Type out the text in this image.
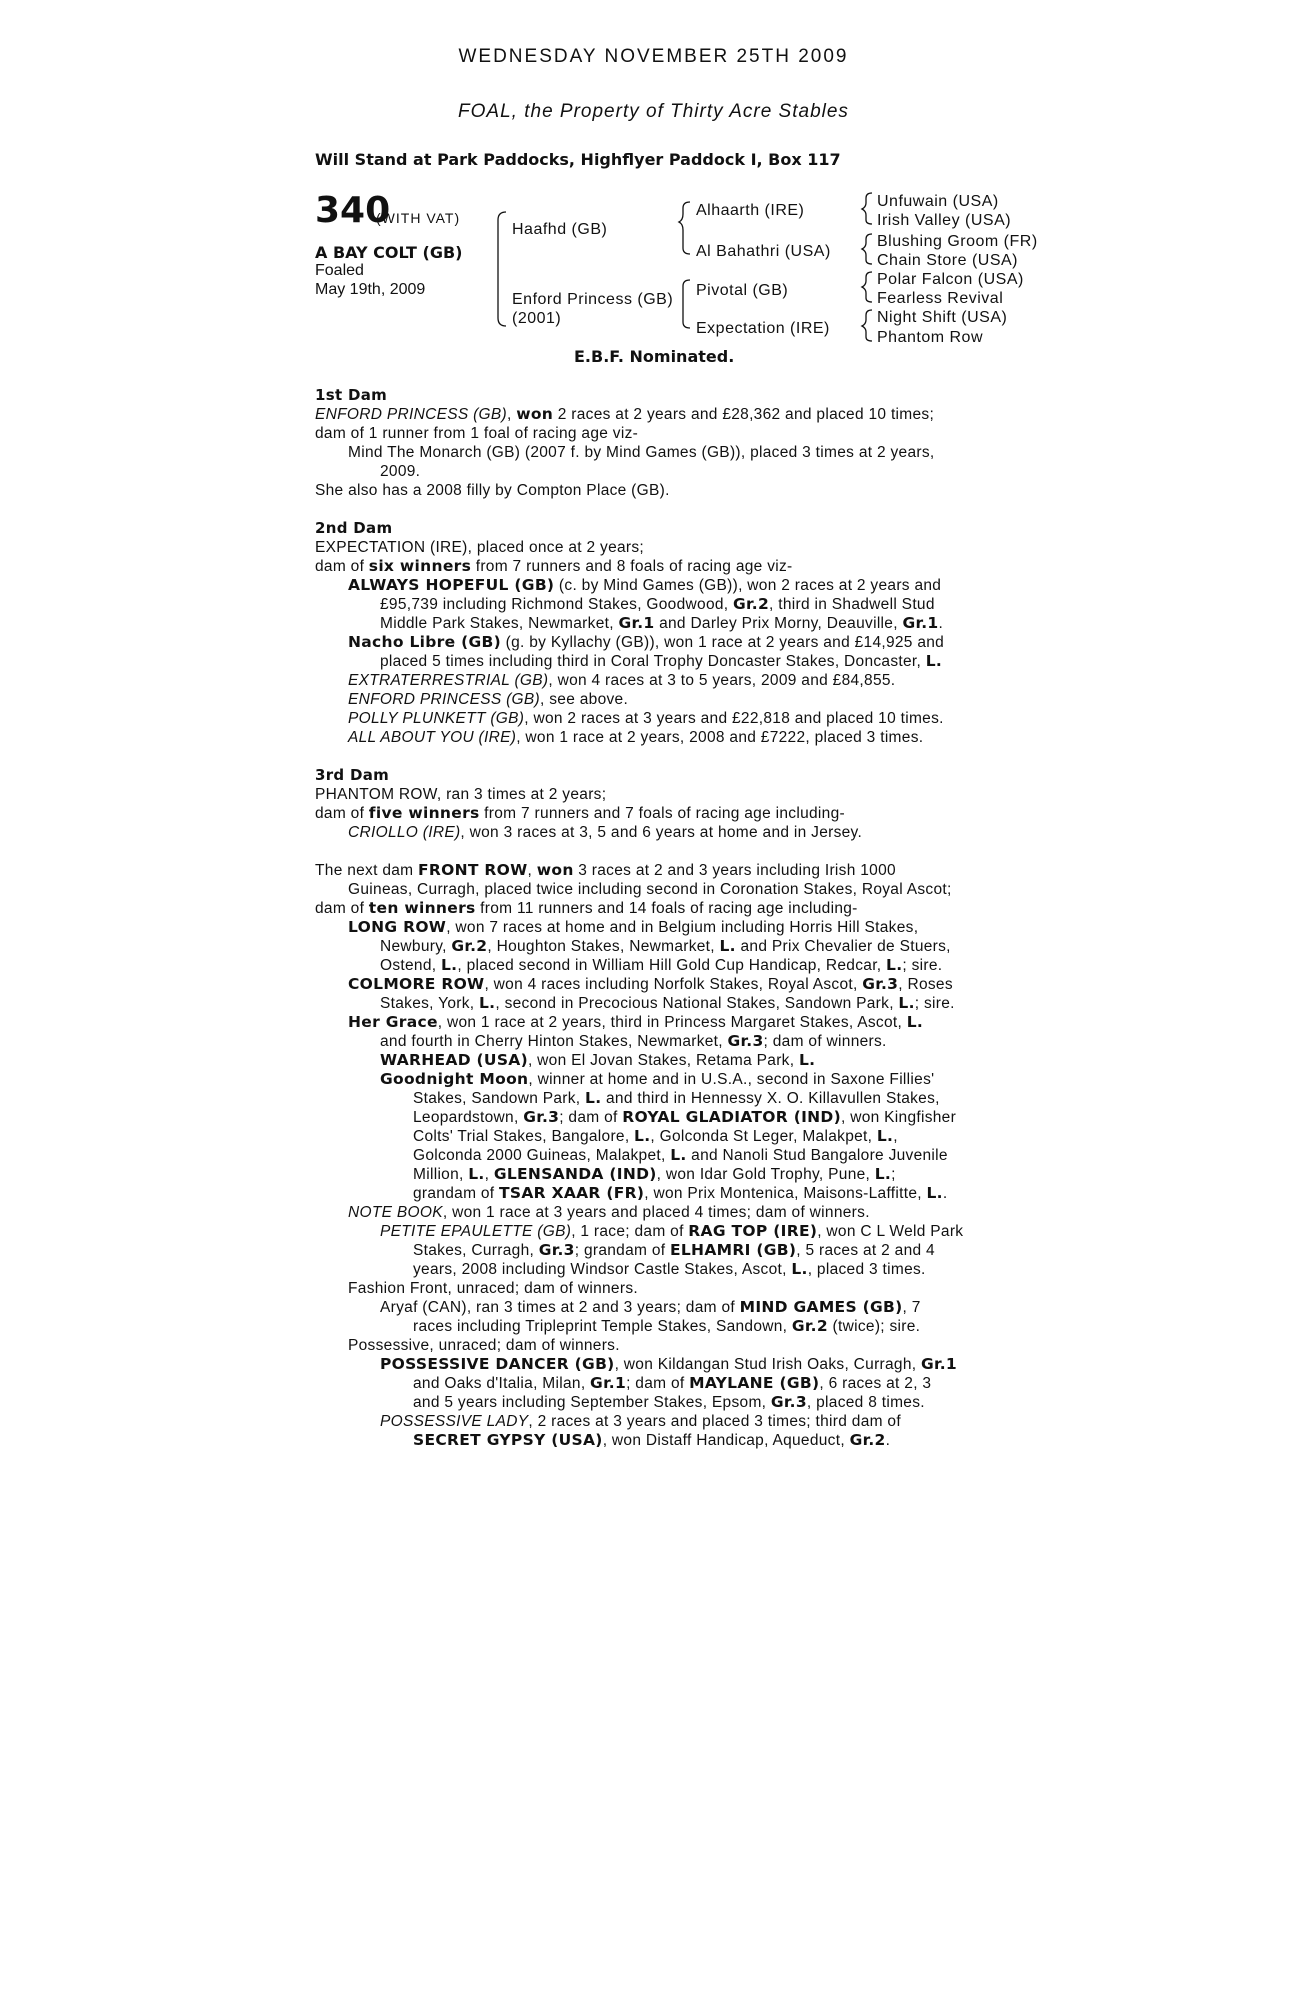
WEDNESDAY NOVEMBER 25TH 2009
FOAL, the Property of Thirty Acre Stables
Will Stand at Park Paddocks, Highflyer Paddock I, Box 117
340
(WITH VAT)
A BAY COLT (GB)
Foaled
May 19th, 2009
Haafhd (GB)
Enford Princess (GB)
(2001)
Alhaarth (IRE)
Al Bahathri (USA)
Pivotal (GB)
Expectation (IRE)
Unfuwain (USA)
Irish Valley (USA)
Blushing Groom (FR)
Chain Store (USA)
Polar Falcon (USA)
Fearless Revival
Night Shift (USA)
Phantom Row
E.B.F. Nominated.

1st Dam

ENFORD PRINCESS (GB), won 2 races at 2 years and £28,362 and placed 10 times;

dam of 1 runner from 1 foal of racing age viz-

Mind The Monarch (GB) (2007 f. by Mind Games (GB)), placed 3 times at 2 years,

2009.

She also has a 2008 filly by Compton Place (GB).

2nd Dam

EXPECTATION (IRE), placed once at 2 years;

dam of six winners from 7 runners and 8 foals of racing age viz-

ALWAYS HOPEFUL (GB) (c. by Mind Games (GB)), won 2 races at 2 years and

£95,739 including Richmond Stakes, Goodwood, Gr.2, third in Shadwell Stud

Middle Park Stakes, Newmarket, Gr.1 and Darley Prix Morny, Deauville, Gr.1.

Nacho Libre (GB) (g. by Kyllachy (GB)), won 1 race at 2 years and £14,925 and

placed 5 times including third in Coral Trophy Doncaster Stakes, Doncaster, L.

EXTRATERRESTRIAL (GB), won 4 races at 3 to 5 years, 2009 and £84,855.

ENFORD PRINCESS (GB), see above.

POLLY PLUNKETT (GB), won 2 races at 3 years and £22,818 and placed 10 times.

ALL ABOUT YOU (IRE), won 1 race at 2 years, 2008 and £7222, placed 3 times.

3rd Dam

PHANTOM ROW, ran 3 times at 2 years;

dam of five winners from 7 runners and 7 foals of racing age including-

CRIOLLO (IRE), won 3 races at 3, 5 and 6 years at home and in Jersey.

The next dam FRONT ROW, won 3 races at 2 and 3 years including Irish 1000

Guineas, Curragh, placed twice including second in Coronation Stakes, Royal Ascot;

dam of ten winners from 11 runners and 14 foals of racing age including-

LONG ROW, won 7 races at home and in Belgium including Horris Hill Stakes,

Newbury, Gr.2, Houghton Stakes, Newmarket, L. and Prix Chevalier de Stuers,

Ostend, L., placed second in William Hill Gold Cup Handicap, Redcar, L.; sire.

COLMORE ROW, won 4 races including Norfolk Stakes, Royal Ascot, Gr.3, Roses

Stakes, York, L., second in Precocious National Stakes, Sandown Park, L.; sire.

Her Grace, won 1 race at 2 years, third in Princess Margaret Stakes, Ascot, L.

and fourth in Cherry Hinton Stakes, Newmarket, Gr.3; dam of winners.

WARHEAD (USA), won El Jovan Stakes, Retama Park, L.

Goodnight Moon, winner at home and in U.S.A., second in Saxone Fillies'

Stakes, Sandown Park, L. and third in Hennessy X. O. Killavullen Stakes,

Leopardstown, Gr.3; dam of ROYAL GLADIATOR (IND), won Kingfisher

Colts' Trial Stakes, Bangalore, L., Golconda St Leger, Malakpet, L.,

Golconda 2000 Guineas, Malakpet, L. and Nanoli Stud Bangalore Juvenile

Million, L., GLENSANDA (IND), won Idar Gold Trophy, Pune, L.;

grandam of TSAR XAAR (FR), won Prix Montenica, Maisons-Laffitte, L..

NOTE BOOK, won 1 race at 3 years and placed 4 times; dam of winners.

PETITE EPAULETTE (GB), 1 race; dam of RAG TOP (IRE), won C L Weld Park

Stakes, Curragh, Gr.3; grandam of ELHAMRI (GB), 5 races at 2 and 4

years, 2008 including Windsor Castle Stakes, Ascot, L., placed 3 times.

Fashion Front, unraced; dam of winners.

Aryaf (CAN), ran 3 times at 2 and 3 years; dam of MIND GAMES (GB), 7

races including Tripleprint Temple Stakes, Sandown, Gr.2 (twice); sire.

Possessive, unraced; dam of winners.

POSSESSIVE DANCER (GB), won Kildangan Stud Irish Oaks, Curragh, Gr.1

and Oaks d'Italia, Milan, Gr.1; dam of MAYLANE (GB), 6 races at 2, 3

and 5 years including September Stakes, Epsom, Gr.3, placed 8 times.

POSSESSIVE LADY, 2 races at 3 years and placed 3 times; third dam of

SECRET GYPSY (USA), won Distaff Handicap, Aqueduct, Gr.2.
